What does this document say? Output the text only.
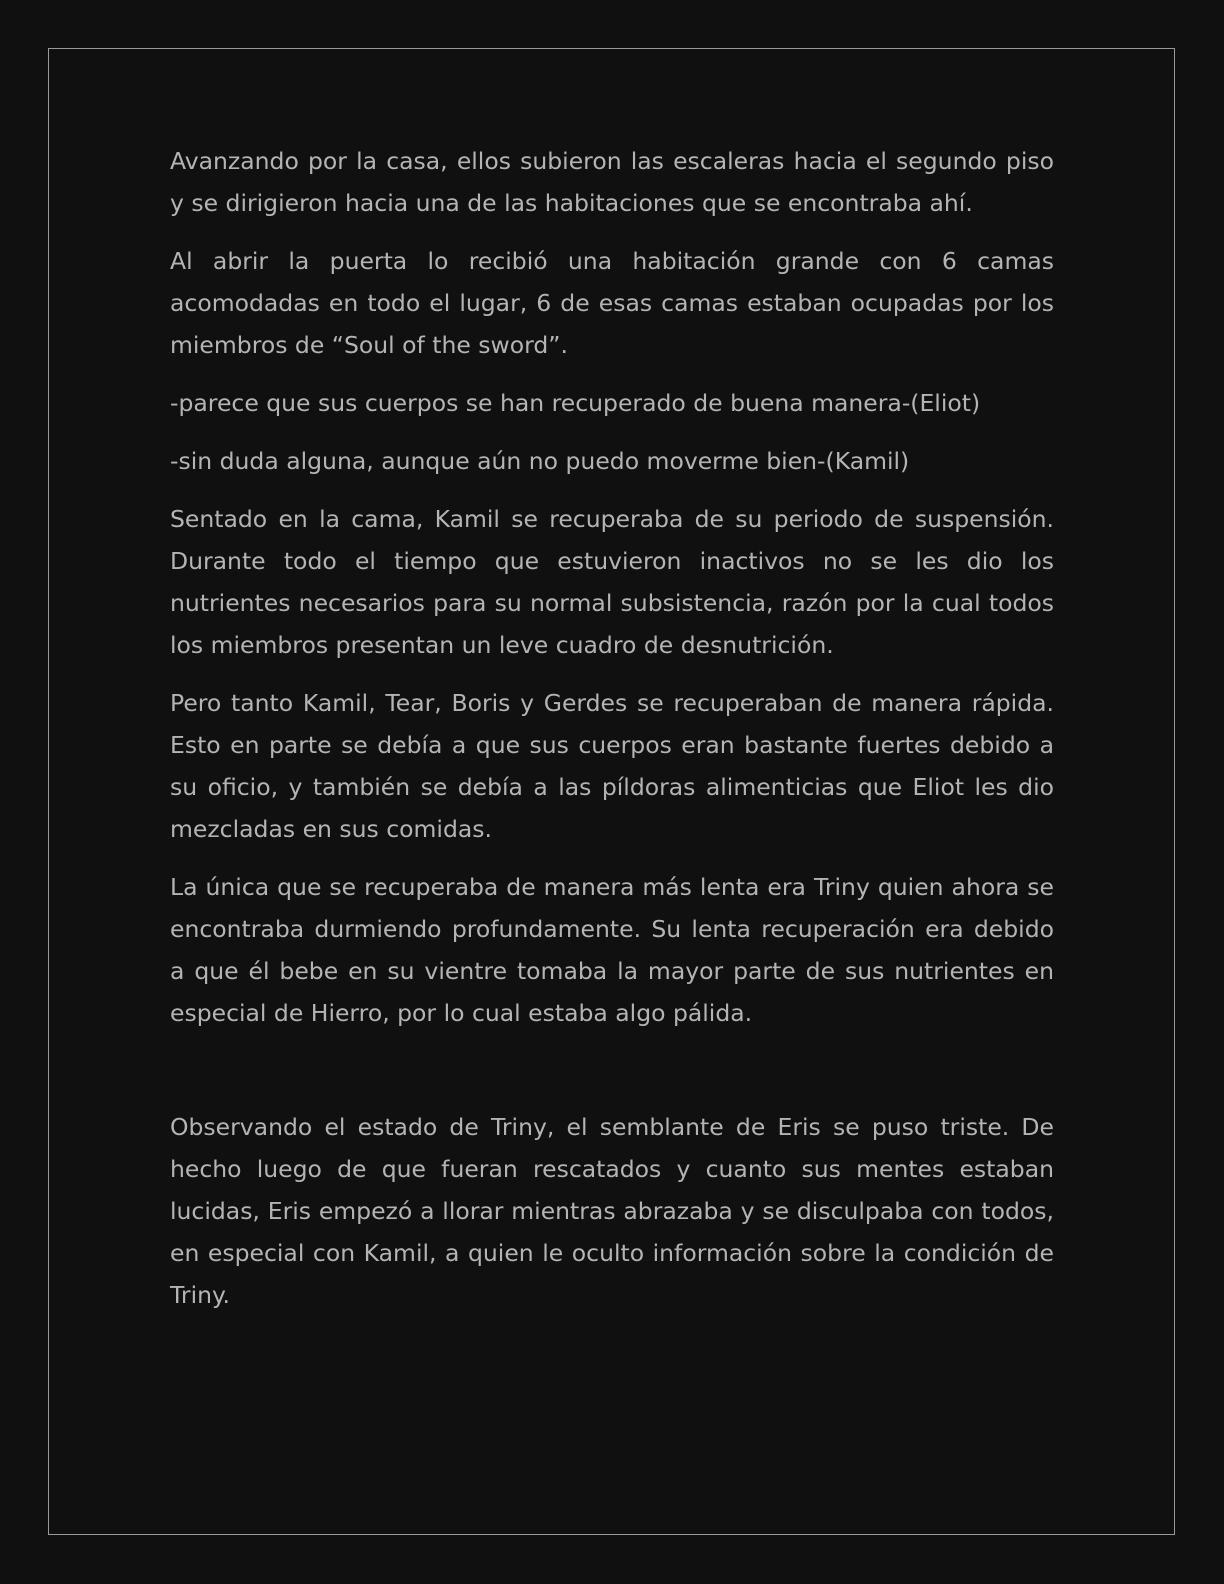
Avanzando por la casa, ellos subieron las escaleras hacia el segundo piso y se dirigieron hacia una de las habitaciones que se encontraba ahí.

Al abrir la puerta lo recibió una habitación grande con 6 camas acomodadas en todo el lugar, 6 de esas camas estaban ocupadas por los miembros de “Soul of the sword”.

-parece que sus cuerpos se han recuperado de buena manera-(Eliot)

-sin duda alguna, aunque aún no puedo moverme bien-(Kamil)

Sentado en la cama, Kamil se recuperaba de su periodo de suspensión. Durante todo el tiempo que estuvieron inactivos no se les dio los nutrientes necesarios para su normal subsistencia, razón por la cual todos los miembros presentan un leve cuadro de desnutrición.

Pero tanto Kamil, Tear, Boris y Gerdes se recuperaban de manera rápida. Esto en parte se debía a que sus cuerpos eran bastante fuertes debido a su oficio, y también se debía a las píldoras alimenticias que Eliot les dio mezcladas en sus comidas.

La única que se recuperaba de manera más lenta era Triny quien ahora se encontraba durmiendo profundamente. Su lenta recuperación era debido a que él bebe en su vientre tomaba la mayor parte de sus nutrientes en especial de Hierro, por lo cual estaba algo pálida.

Observando el estado de Triny, el semblante de Eris se puso triste. De hecho luego de que fueran rescatados y cuanto sus mentes estaban lucidas, Eris empezó a llorar mientras abrazaba y se disculpaba con todos, en especial con Kamil, a quien le oculto información sobre la condición de Triny.
